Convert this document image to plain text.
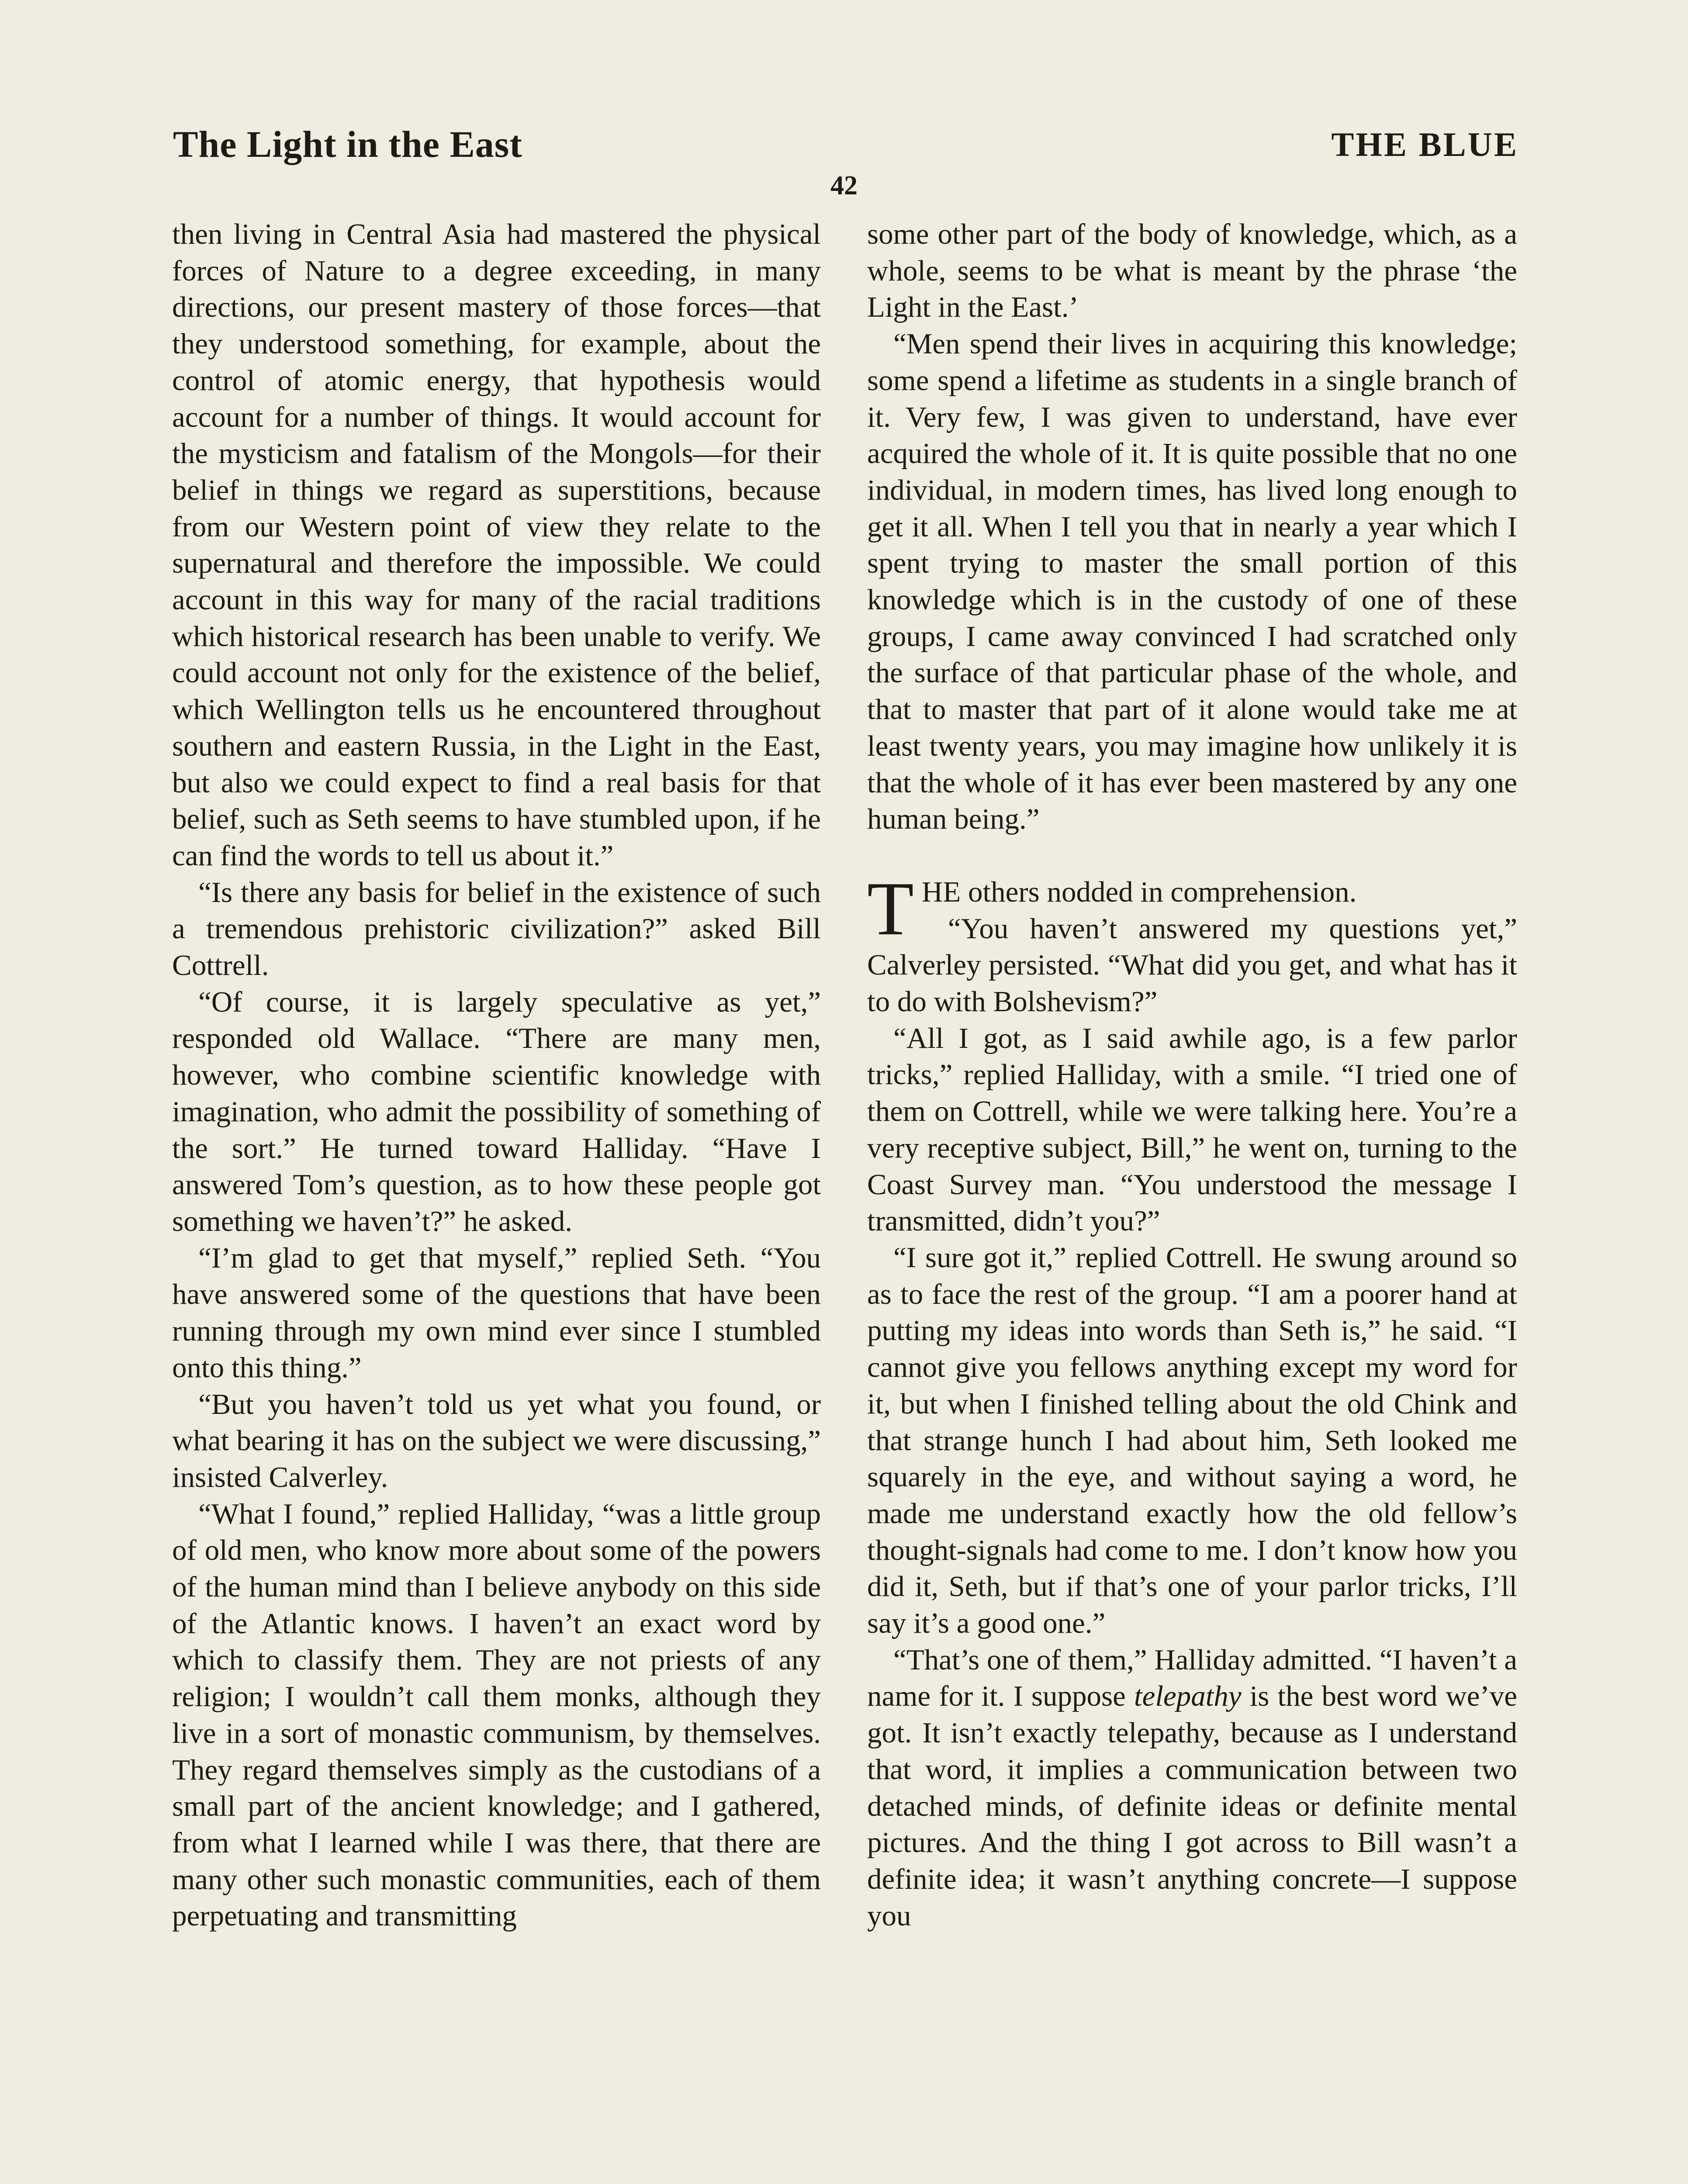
The Light in the East	THE BLUE
42

then living in Central Asia had mastered the physical forces of Nature to a degree exceeding, in many directions, our present mastery of those forces—that they understood something, for example, about the control of atomic energy, that hypothesis would account for a number of things. It would account for the mysticism and fatalism of the Mongols—for their belief in things we regard as superstitions, because from our Western point of view they relate to the supernatural and therefore the impossible. We could account in this way for many of the racial traditions which historical research has been unable to verify. We could account not only for the existence of the belief, which Wellington tells us he encountered throughout southern and eastern Russia, in the Light in the East, but also we could expect to find a real basis for that belief, such as Seth seems to have stumbled upon, if he can find the words to tell us about it.”

“Is there any basis for belief in the existence of such a tremendous prehistoric civilization?” asked Bill Cottrell.

“Of course, it is largely speculative as yet,” responded old Wallace. “There are many men, however, who combine scientific knowledge with imagination, who admit the possibility of something of the sort.” He turned toward Halliday. “Have I answered Tom’s question, as to how these people got something we haven’t?” he asked.

“I’m glad to get that myself,” replied Seth. “You have answered some of the questions that have been running through my own mind ever since I stumbled onto this thing.”

“But you haven’t told us yet what you found, or what bearing it has on the subject we were discussing,” insisted Calverley.

“What I found,” replied Halliday, “was a little group of old men, who know more about some of the powers of the human mind than I believe anybody on this side of the Atlantic knows. I haven’t an exact word by which to classify them. They are not priests of any religion; I wouldn’t call them monks, although they live in a sort of monastic communism, by themselves. They regard themselves simply as the custodians of a small part of the ancient knowledge; and I gathered, from what I learned while I was there, that there are many other such monastic communities, each of them perpetuating and transmitting

some other part of the body of knowledge, which, as a whole, seems to be what is meant by the phrase ‘the Light in the East.’

“Men spend their lives in acquiring this knowledge; some spend a lifetime as students in a single branch of it. Very few, I was given to understand, have ever acquired the whole of it. It is quite possible that no one individual, in modern times, has lived long enough to get it all. When I tell you that in nearly a year which I spent trying to master the small portion of this knowledge which is in the custody of one of these groups, I came away convinced I had scratched only the surface of that particular phase of the whole, and that to master that part of it alone would take me at least twenty years, you may imagine how unlikely it is that the whole of it has ever been mastered by any one human being.”

THE others nodded in comprehension.

“You haven’t answered my questions yet,” Calverley persisted. “What did you get, and what has it to do with Bolshevism?”

“All I got, as I said awhile ago, is a few parlor tricks,” replied Halliday, with a smile. “I tried one of them on Cottrell, while we were talking here. You’re a very receptive subject, Bill,” he went on, turning to the Coast Survey man. “You understood the message I transmitted, didn’t you?”

“I sure got it,” replied Cottrell. He swung around so as to face the rest of the group. “I am a poorer hand at putting my ideas into words than Seth is,” he said. “I cannot give you fellows anything except my word for it, but when I finished telling about the old Chink and that strange hunch I had about him, Seth looked me squarely in the eye, and without saying a word, he made me understand exactly how the old fellow’s thought-signals had come to me. I don’t know how you did it, Seth, but if that’s one of your parlor tricks, I’ll say it’s a good one.”

“That’s one of them,” Halliday admitted. “I haven’t a name for it. I suppose telepathy is the best word we’ve got. It isn’t exactly telepathy, because as I understand that word, it implies a communication between two detached minds, of definite ideas or definite mental pictures. And the thing I got across to Bill wasn’t a definite idea; it wasn’t anything concrete—I suppose you
